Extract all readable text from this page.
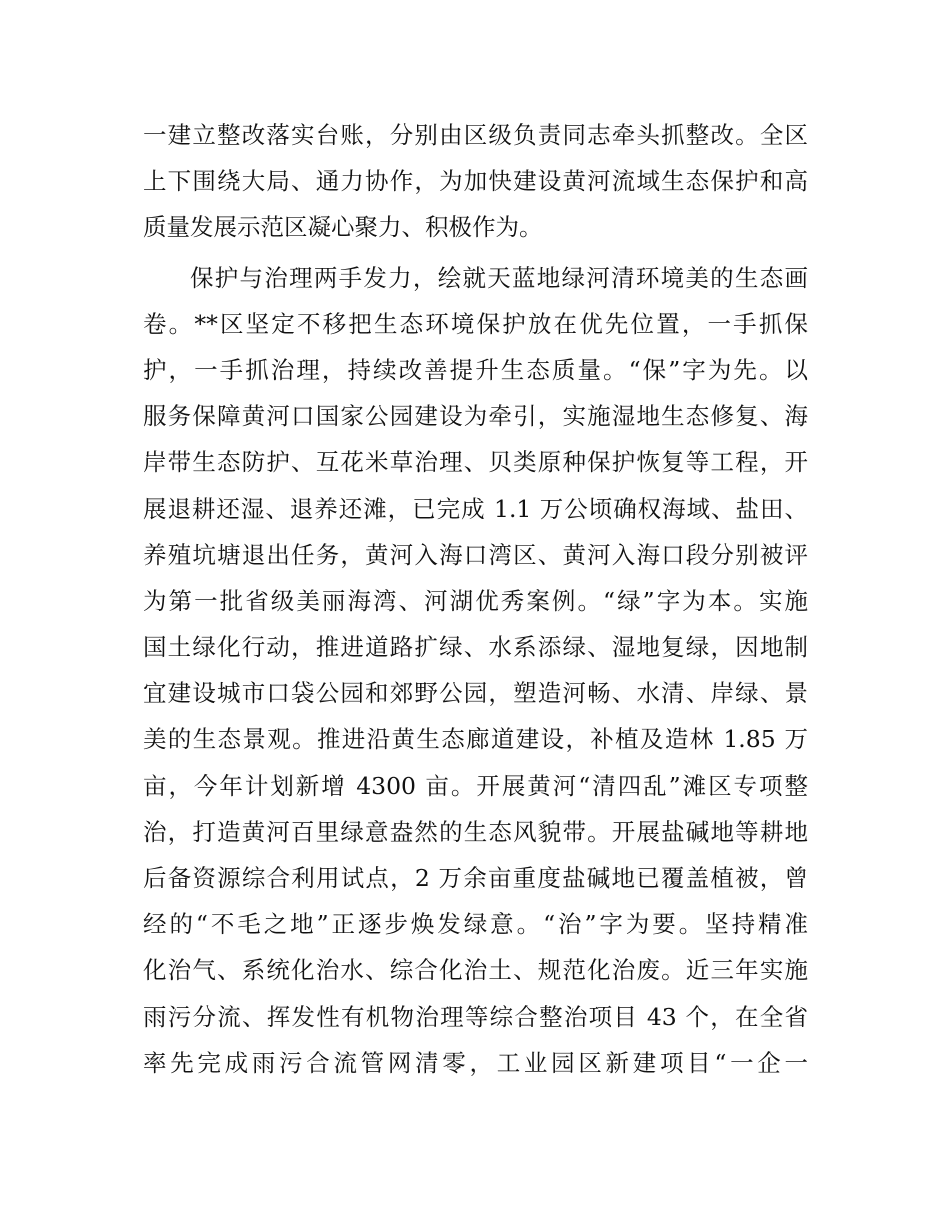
一建立整改落实台账，分别由区级负责同志牵头抓整改。全区
上下围绕大局、通力协作，为加快建设黄河流域生态保护和高
质量发展示范区凝心聚力、积极作为。
保护与治理两手发力，绘就天蓝地绿河清环境美的生态画
卷。**区坚定不移把生态环境保护放在优先位置，一手抓保
护，一手抓治理，持续改善提升生态质量。“保”字为先。以
服务保障黄河口国家公园建设为牵引，实施湿地生态修复、海
岸带生态防护、互花米草治理、贝类原种保护恢复等工程，开
展退耕还湿、退养还滩，已完成 1.1 万公顷确权海域、盐田、
养殖坑塘退出任务，黄河入海口湾区、黄河入海口段分别被评
为第一批省级美丽海湾、河湖优秀案例。“绿”字为本。实施
国土绿化行动，推进道路扩绿、水系添绿、湿地复绿，因地制
宜建设城市口袋公园和郊野公园，塑造河畅、水清、岸绿、景
美的生态景观。推进沿黄生态廊道建设，补植及造林 1.85 万
亩，今年计划新增 4300 亩。开展黄河“清四乱”滩区专项整
治，打造黄河百里绿意盎然的生态风貌带。开展盐碱地等耕地
后备资源综合利用试点，2 万余亩重度盐碱地已覆盖植被，曾
经的“不毛之地”正逐步焕发绿意。“治”字为要。坚持精准
化治气、系统化治水、综合化治土、规范化治废。近三年实施
雨污分流、挥发性有机物治理等综合整治项目 43 个，在全省
率先完成雨污合流管网清零，工业园区新建项目“一企一
